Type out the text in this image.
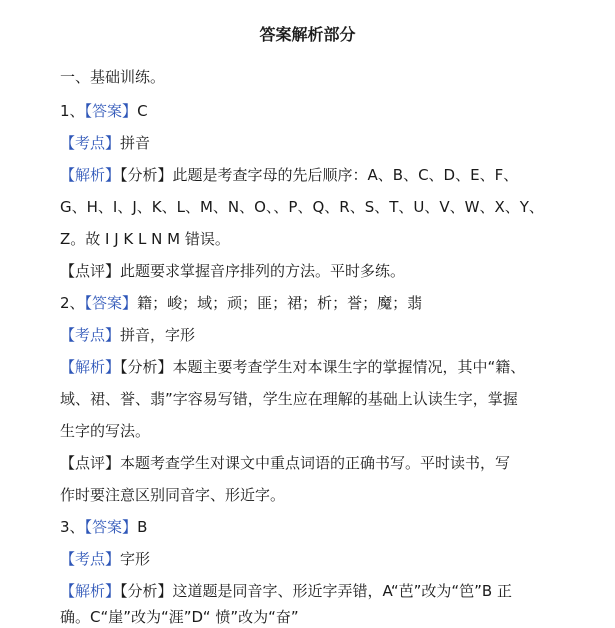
答案解析部分
一、基础训练。
1、【答案】C
【考点】拼音
【解析】【分析】此题是考查字母的先后顺序：A、B、C、D、E、F、
G、H、I、J、K、L、M、N、O、、P、Q、R、S、T、U、V、W、X、Y、
Z。故 I J K L N M 错误。
【点评】此题要求掌握音序排列的方法。平时多练。
2、【答案】籍；峻；域；顽；匪；裙；析；誉；魔；翡
【考点】拼音，字形
【解析】【分析】本题主要考查学生对本课生字的掌握情况，其中“籍、
域、裙、誉、翡”字容易写错，学生应在理解的基础上认读生字，掌握
生字的写法。
【点评】本题考查学生对课文中重点词语的正确书写。平时读书，写
作时要注意区别同音字、形近字。
3、【答案】B
【考点】字形
【解析】【分析】这道题是同音字、形近字弄错，A“芭”改为“笆”B 正
确。C“崖”改为“涯”D“ 愤”改为“奋”
